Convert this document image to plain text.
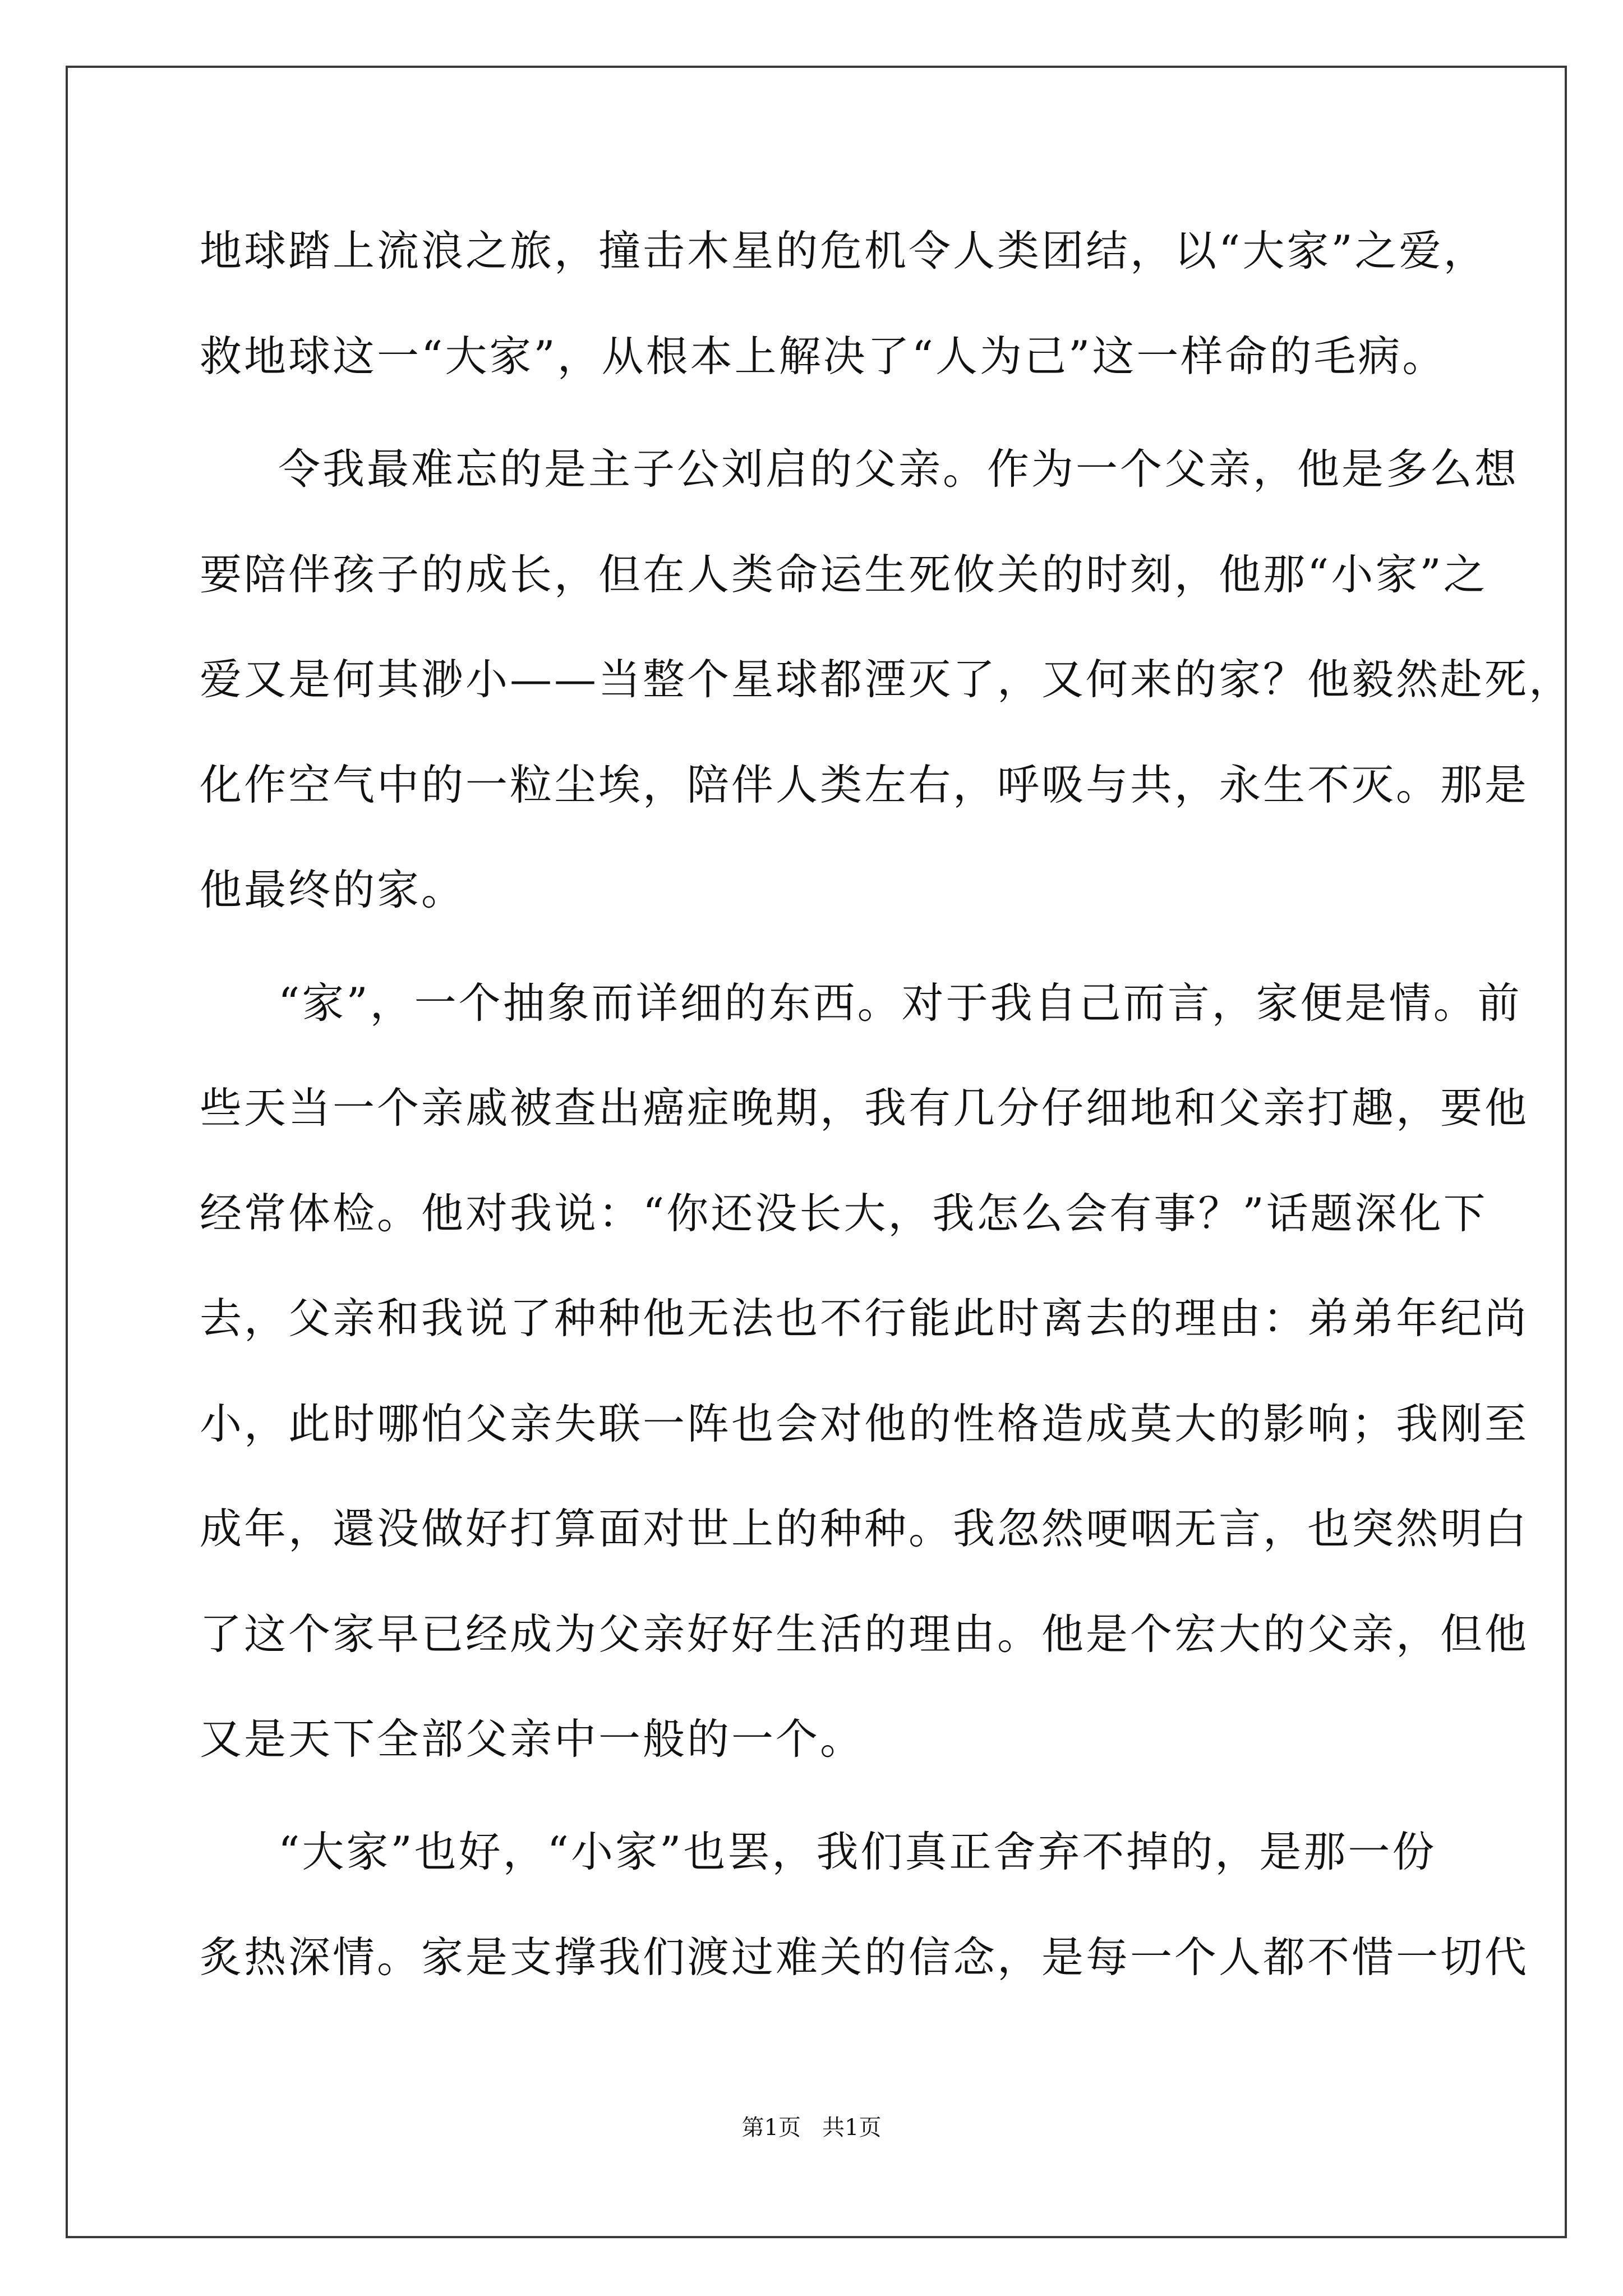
地球踏上流浪之旅，撞击木星的危机令人类团结，以“大家”之爱，

救地球这一“大家”，从根本上解决了“人为己”这一样命的毛病。

令我最难忘的是主子公刘启的父亲。作为一个父亲，他是多么想

要陪伴孩子的成长，但在人类命运生死攸关的时刻，他那“小家”之

爱又是何其渺小——当整个星球都湮灭了，又何来的家？他毅然赴死，

化作空气中的一粒尘埃，陪伴人类左右，呼吸与共，永生不灭。那是

他最终的家。

“家”，一个抽象而详细的东西。对于我自己而言，家便是情。前

些天当一个亲戚被查出癌症晚期，我有几分仔细地和父亲打趣，要他

经常体检。他对我说：“你还没长大，我怎么会有事？”话题深化下

去，父亲和我说了种种他无法也不行能此时离去的理由：弟弟年纪尚

小，此时哪怕父亲失联一阵也会对他的性格造成莫大的影响；我刚至

成年，還没做好打算面对世上的种种。我忽然哽咽无言，也突然明白

了这个家早已经成为父亲好好生活的理由。他是个宏大的父亲，但他

又是天下全部父亲中一般的一个。

“大家”也好，“小家”也罢，我们真正舍弃不掉的，是那一份

炙热深情。家是支撑我们渡过难关的信念，是每一个人都不惜一切代

第1页 共1页
